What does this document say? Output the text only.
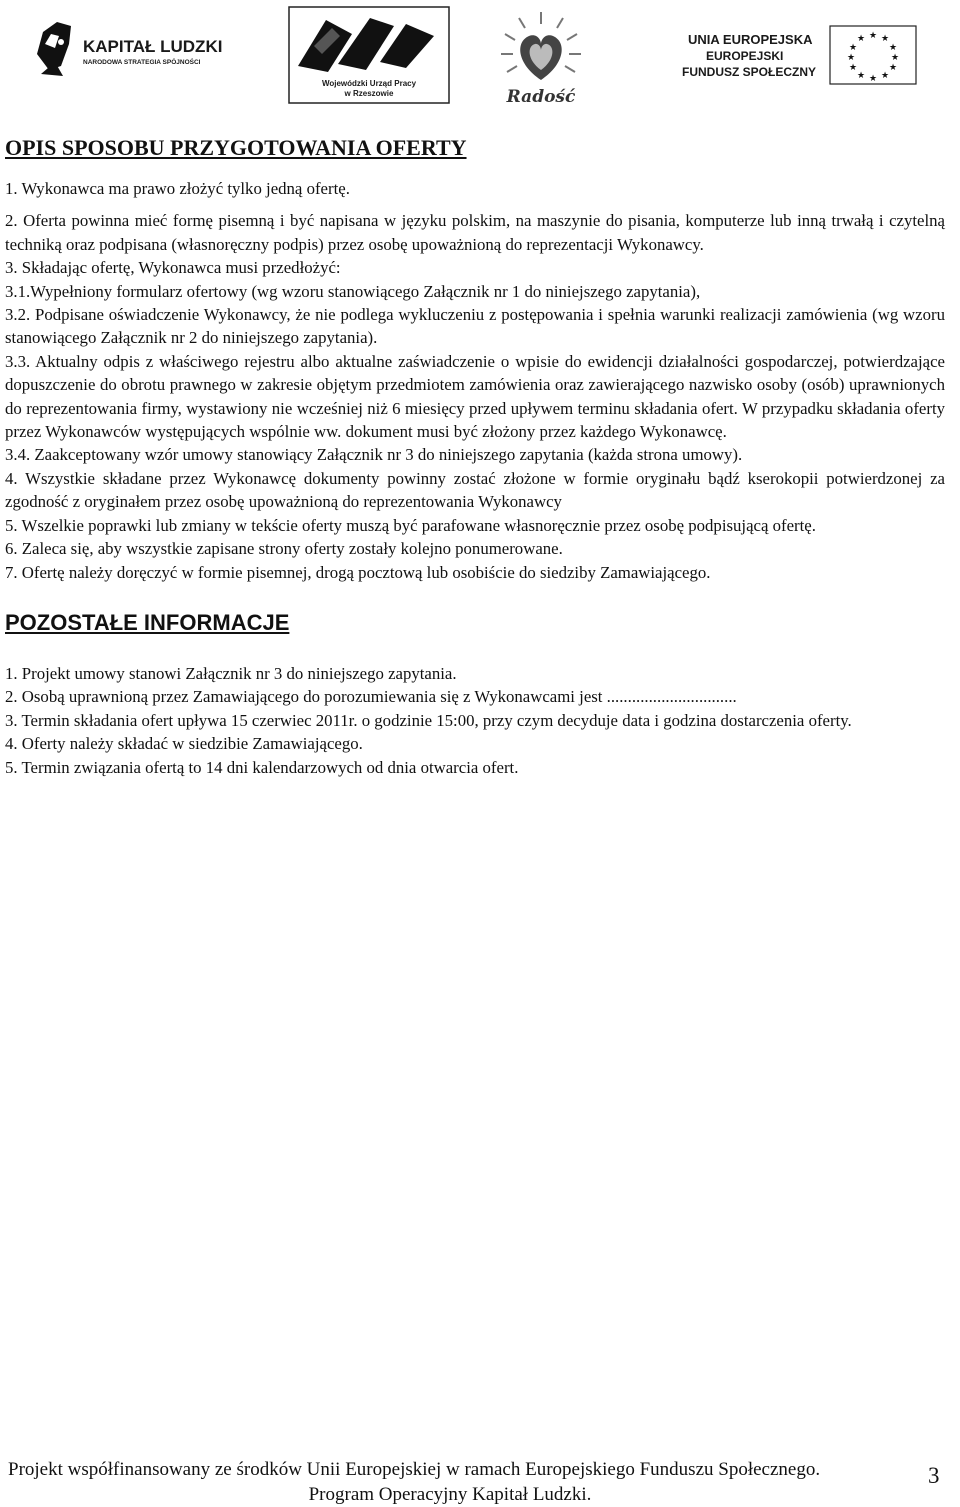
KAPITAŁ LUDZKI
NARODOWA STRATEGIA SPÓJNOŚCI
Wojewódzki Urząd Pracy
w Rzeszowie	Radość
UNIA EUROPEJSKA
EUROPEJSKI
FUNDUSZ SPOŁECZNY
★ ★
★
★
★
★
★
★
★
★
★
★
OPIS SPOSOBU PRZYGOTOWANIA OFERTY

1. Wykonawca ma prawo złożyć tylko jedną ofertę.

2. Oferta powinna mieć formę pisemną i być napisana w języku polskim, na maszynie do pisania, komputerze lub inną trwałą i czytelną techniką oraz podpisana (własnoręczny podpis) przez osobę upoważnioną do reprezentacji Wykonawcy.

3. Składając ofertę, Wykonawca musi przedłożyć:

3.1.Wypełniony formularz ofertowy (wg wzoru stanowiącego Załącznik nr 1 do niniejszego zapytania),

3.2. Podpisane oświadczenie Wykonawcy, że nie podlega wykluczeniu z postępowania i spełnia warunki realizacji zamówienia (wg wzoru stanowiącego Załącznik nr 2 do niniejszego zapytania).

3.3. Aktualny odpis z właściwego rejestru albo aktualne zaświadczenie o wpisie do ewidencji działalności gospodarczej, potwierdzające dopuszczenie do obrotu prawnego w zakresie objętym przedmiotem zamówienia oraz zawierającego nazwisko osoby (osób) uprawnionych do reprezentowania firmy, wystawiony nie wcześniej niż 6 miesięcy przed upływem terminu składania ofert. W przypadku składania oferty przez Wykonawców występujących wspólnie ww. dokument musi być złożony przez każdego Wykonawcę.

3.4. Zaakceptowany wzór umowy stanowiący Załącznik nr 3 do niniejszego zapytania (każda strona umowy).

4. Wszystkie składane przez Wykonawcę dokumenty powinny zostać złożone w formie oryginału bądź kserokopii potwierdzonej za zgodność z oryginałem przez osobę upoważnioną do reprezentowania Wykonawcy

5. Wszelkie poprawki lub zmiany w tekście oferty muszą być parafowane własnoręcznie przez osobę podpisującą ofertę.

6. Zaleca się, aby wszystkie zapisane strony oferty zostały kolejno ponumerowane.

7. Ofertę należy doręczyć w formie pisemnej, drogą pocztową lub osobiście do siedziby Zamawiającego.

POZOSTAŁE INFORMACJE

1. Projekt umowy stanowi Załącznik nr 3 do niniejszego zapytania.

2. Osobą uprawnioną przez Zamawiającego do porozumiewania się z Wykonawcami jest ...............................

3. Termin składania ofert upływa 15 czerwiec 2011r. o godzinie 15:00, przy czym decyduje data i godzina dostarczenia oferty.

4. Oferty należy składać w siedzibie Zamawiającego.

5. Termin związania ofertą to 14 dni kalendarzowych od dnia otwarcia ofert.

Projekt współfinansowany ze środków Unii Europejskiej w ramach Europejskiego Funduszu Społecznego.
Program Operacyjny Kapitał Ludzki.
3
